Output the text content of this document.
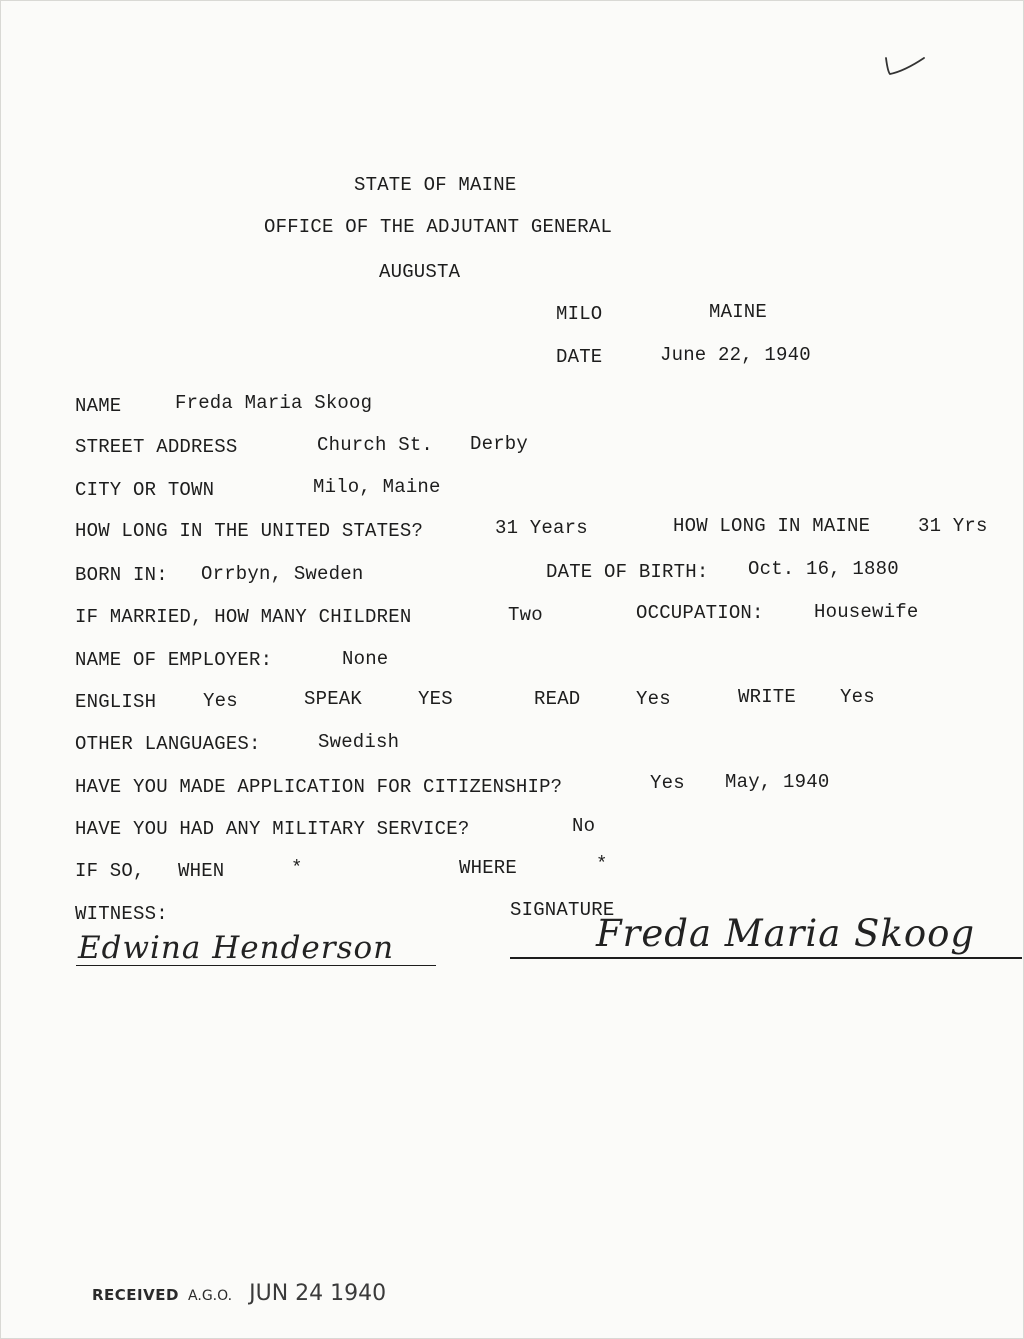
STATE OF MAINE
OFFICE OF THE ADJUTANT GENERAL
AUGUSTA
MILO	MAINE
DATE	June 22, 1940
NAME	Freda Maria Skoog
STREET ADDRESS	Church St. Derby
CITY OR TOWN	Milo, Maine
HOW LONG IN THE UNITED STATES?	31 Years	HOW LONG IN MAINE	31 Yrs
BORN IN: Orrbyn, Sweden	DATE OF BIRTH: Oct. 16, 1880
IF MARRIED, HOW MANY CHILDREN	Two	OCCUPATION:	Housewife
NAME OF EMPLOYER:	None
ENGLISH Yes	SPEAK	YES	READ	Yes	WRITE Yes
OTHER LANGUAGES:	Swedish
HAVE YOU MADE APPLICATION FOR CITIZENSHIP?	Yes May, 1940
HAVE YOU HAD ANY MILITARY SERVICE?	No
IF SO, WHEN	*	WHERE	*
WITNESS:	SIGNATURE
Edwina Henderson	Freda Maria Skoog
RECEIVED A.G.O. JUN 24 1940
